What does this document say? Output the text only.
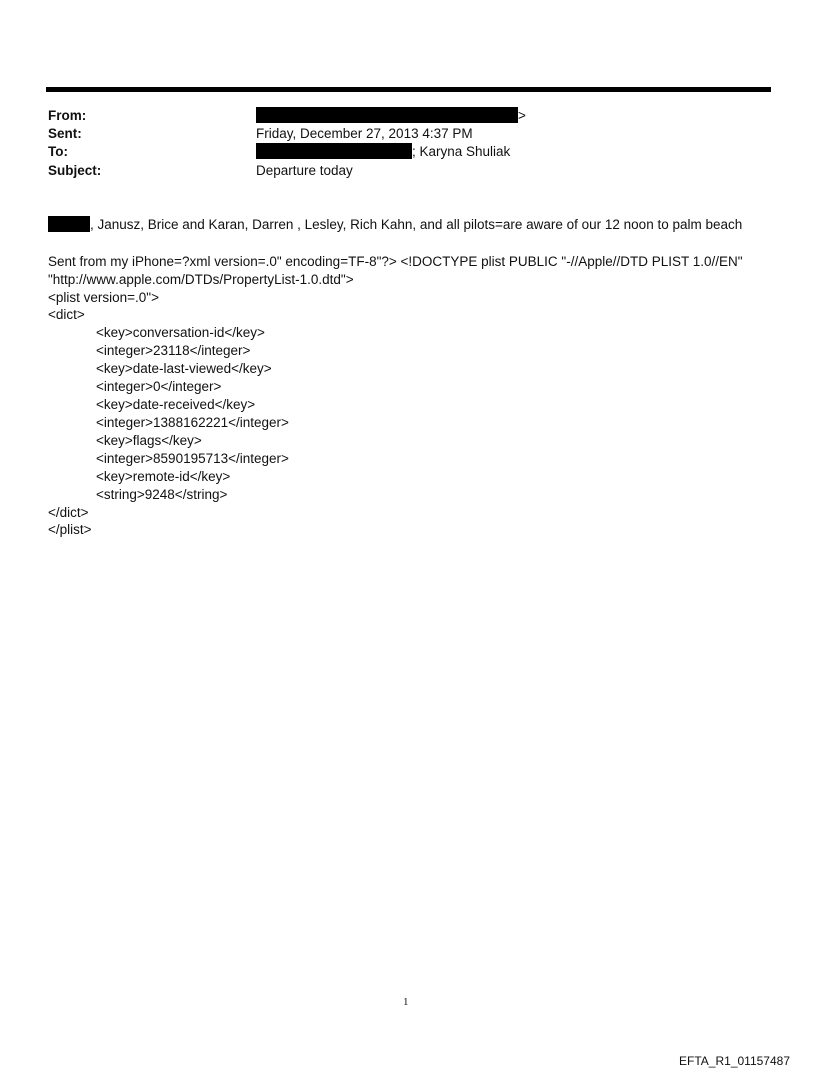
From:	>
Sent:	Friday, December 27, 2013 4:37 PM
To:	; Karyna Shuliak
Subject:	Departure today
, Janusz, Brice and Karan, Darren , Lesley, Rich Kahn, and all pilots=are aware of our 12 noon to palm beach
Sent from my iPhone=?xml version=.0" encoding=TF-8"?> <!DOCTYPE plist PUBLIC "-//Apple//DTD PLIST 1.0//EN"
"http://www.apple.com/DTDs/PropertyList-1.0.dtd">
<plist version=.0">
<dict>
<key>conversation-id</key>
<integer>23118</integer>
<key>date-last-viewed</key>
<integer>0</integer>
<key>date-received</key>
<integer>1388162221</integer>
<key>flags</key>
<integer>8590195713</integer>
<key>remote-id</key>
<string>9248</string>
</dict>
</plist>
1
EFTA_R1_01157487
